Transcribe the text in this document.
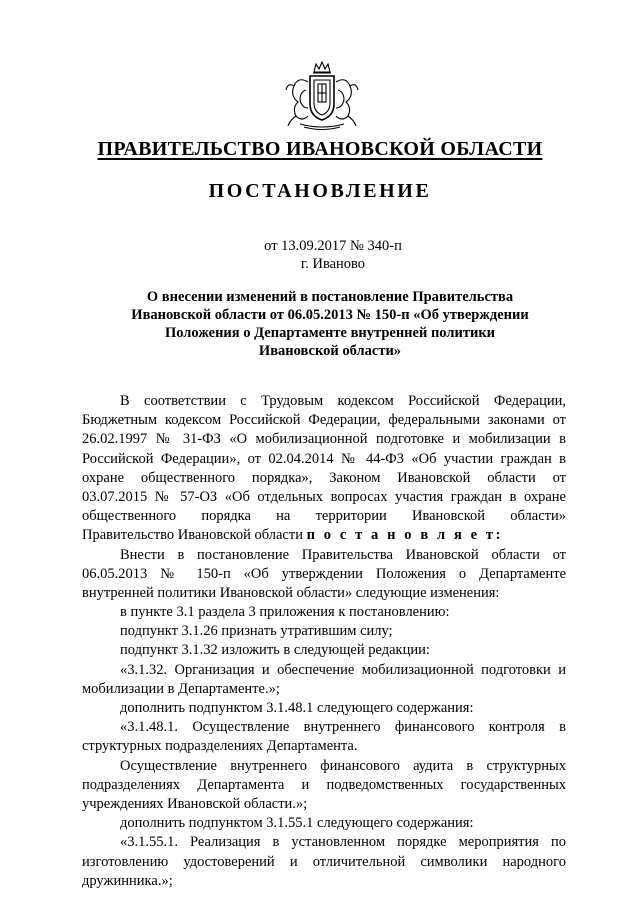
ПРАВИТЕЛЬСТВО ИВАНОВСКОЙ ОБЛАСТИ
ПОСТАНОВЛЕНИЕ
от 13.09.2017 № 340-п
г. Иваново
О внесении изменений в постановление Правительства
Ивановской области от 06.05.2013 № 150-п «Об утверждении
Положения о Департаменте внутренней политики
Ивановской области»
В соответствии с Трудовым кодексом Российской Федерации,
Бюджетным кодексом Российской Федерации, федеральными законами от
26.02.1997 № 31-ФЗ «О мобилизационной подготовке и мобилизации в
Российской Федерации», от 02.04.2014 № 44-ФЗ «Об участии граждан в
охране общественного порядка», Законом Ивановской области от
03.07.2015 № 57-ОЗ «Об отдельных вопросах участия граждан в охране
общественного порядка на территории Ивановской области»
Правительство Ивановской области п о с т а н о в л я е т:
Внести в постановление Правительства Ивановской области от
06.05.2013 № 150-п «Об утверждении Положения о Департаменте
внутренней политики Ивановской области» следующие изменения:
в пункте 3.1 раздела 3 приложения к постановлению:
подпункт 3.1.26 признать утратившим силу;
подпункт 3.1.32 изложить в следующей редакции:
«3.1.32. Организация и обеспечение мобилизационной подготовки и
мобилизации в Департаменте.»;
дополнить подпунктом 3.1.48.1 следующего содержания:
«3.1.48.1. Осуществление внутреннего финансового контроля в
структурных подразделениях Департамента.
Осуществление внутреннего финансового аудита в структурных
подразделениях Департамента и подведомственных государственных
учреждениях Ивановской области.»;
дополнить подпунктом 3.1.55.1 следующего содержания:
«3.1.55.1. Реализация в установленном порядке мероприятия по
изготовлению удостоверений и отличительной символики народного
дружинника.»;
